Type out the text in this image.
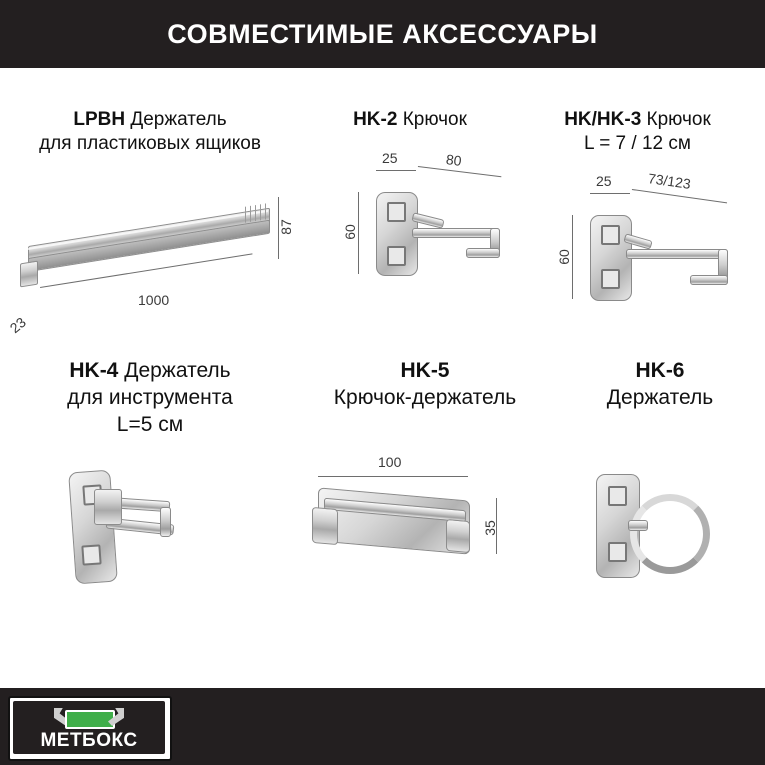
СОВМЕСТИМЫЕ АКСЕССУАРЫ
LPBH Держатель
для пластиковых ящиков
87
1000
23
HK-2 Крючок
25	80
60
HK/HK-3 Крючок
L = 7 / 12 см
25	73/123
60
HK-4 Держатель
для инструмента
L=5 см
HK-5
Крючок-держатель
100
35
HK-6
Держатель
МЕТБОКС
